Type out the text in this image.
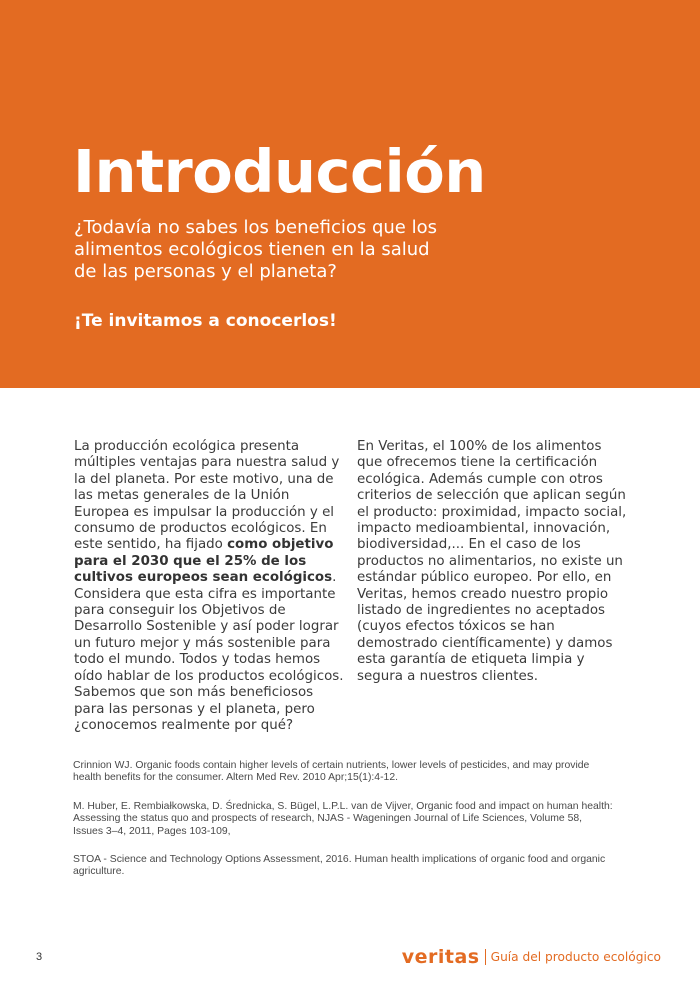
Introducción

¿Todavía no sabes los beneficios que los alimentos ecológicos tienen en la salud de las personas y el planeta?

¡Te invitamos a conocerlos!

La producción ecológica presenta múltiples ventajas para nuestra salud y la del planeta. Por este motivo, una de las metas generales de la Unión Europea es impulsar la producción y el consumo de productos ecológicos. En este sentido, ha fijado como objetivo para el 2030 que el 25% de los cultivos europeos sean ecológicos. Considera que esta cifra es importante para conseguir los Objetivos de Desarrollo Sostenible y así poder lograr un futuro mejor y más sostenible para todo el mundo. Todos y todas hemos oído hablar de los productos ecológicos. Sabemos que son más beneficiosos para las personas y el planeta, pero ¿conocemos realmente por qué?

En Veritas, el 100% de los alimentos que ofrecemos tiene la certificación ecológica. Además cumple con otros criterios de selección que aplican según el producto: proximidad, impacto social, impacto medioambiental, innovación, biodiversidad,... En el caso de los productos no alimentarios, no existe un estándar público europeo. Por ello, en Veritas, hemos creado nuestro propio listado de ingredientes no aceptados (cuyos efectos tóxicos se han demostrado científicamente) y damos esta garantía de etiqueta limpia y segura a nuestros clientes.

Crinnion WJ. Organic foods contain higher levels of certain nutrients, lower levels of pesticides, and may provide health benefits for the consumer. Altern Med Rev. 2010 Apr;15(1):4-12.

M. Huber, E. Rembiałkowska, D. Średnicka, S. Bügel, L.P.L. van de Vijver, Organic food and impact on human health: Assessing the status quo and prospects of research, NJAS - Wageningen Journal of Life Sciences, Volume 58, Issues 3–4, 2011, Pages 103-109,

STOA - Science and Technology Options Assessment, 2016. Human health implications of organic food and organic agriculture.

3	veritas Guía del producto ecológico
